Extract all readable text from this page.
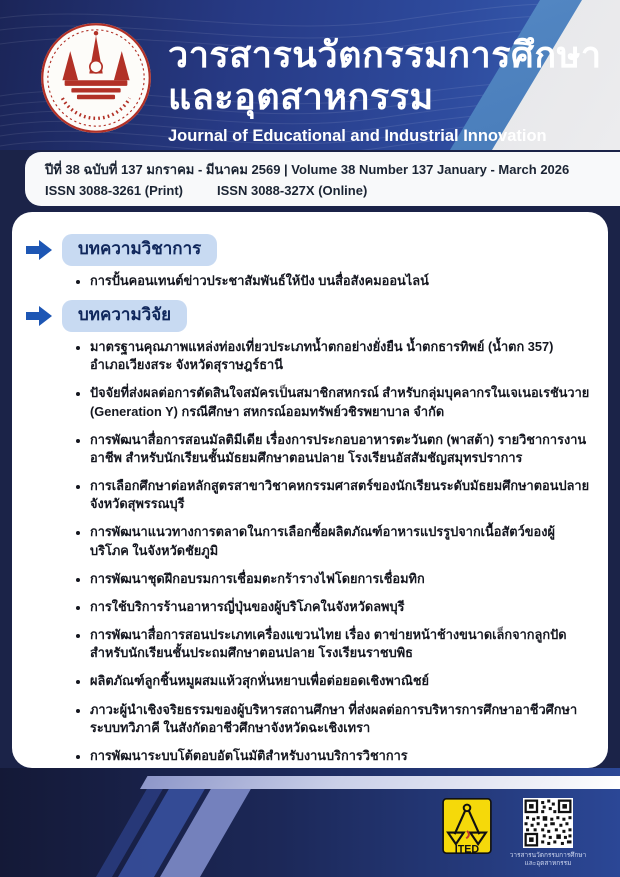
วารสารนวัตกรรมการศึกษา
และอุตสาหกรรม
Journal of Educational and Industrial Innovation
ปีที่ 38 ฉบับที่ 137 มกราคม - มีนาคม 2569 | Volume 38 Number 137 January - March 2026
ISSN 3088-3261 (Print)	ISSN 3088-327X (Online)
บทความวิชาการ
• การปั้นคอนเทนต์ข่าวประชาสัมพันธ์ให้ปัง บนสื่อสังคมออนไลน์
บทความวิจัย
• มาตรฐานคุณภาพแหล่งท่องเที่ยวประเภทน้ำตกอย่างยั่งยืน น้ำตกธารทิพย์ (น้ำตก 357) อำเภอเวียงสระ จังหวัดสุราษฎร์ธานี
• ปัจจัยที่ส่งผลต่อการตัดสินใจสมัครเป็นสมาชิกสหกรณ์ สำหรับกลุ่มบุคลากรในเจเนอเรชันวาย (Generation Y) กรณีศึกษา สหกรณ์ออมทรัพย์วชิรพยาบาล จำกัด
• การพัฒนาสื่อการสอนมัลติมีเดีย เรื่องการประกอบอาหารตะวันตก (พาสต้า) รายวิชาการงานอาชีพ สำหรับนักเรียนชั้นมัธยมศึกษาตอนปลาย โรงเรียนอัสสัมชัญสมุทรปราการ
• การเลือกศึกษาต่อหลักสูตรสาขาวิชาคหกรรมศาสตร์ของนักเรียนระดับมัธยมศึกษาตอนปลาย จังหวัดสุพรรณบุรี
• การพัฒนาแนวทางการตลาดในการเลือกซื้อผลิตภัณฑ์อาหารแปรรูปจากเนื้อสัตว์ของผู้บริโภค ในจังหวัดชัยภูมิ
• การพัฒนาชุดฝึกอบรมการเชื่อมตะกร้ารางไฟโดยการเชื่อมทิก
• การใช้บริการร้านอาหารญี่ปุ่นของผู้บริโภคในจังหวัดลพบุรี
• การพัฒนาสื่อการสอนประเภทเครื่องแขวนไทย เรื่อง ตาข่ายหน้าช้างขนาดเล็กจากลูกปัด สำหรับนักเรียนชั้นประถมศึกษาตอนปลาย โรงเรียนราชบพิธ
• ผลิตภัณฑ์ลูกชิ้นหมูผสมแห้วสุกหั่นหยาบเพื่อต่อยอดเชิงพาณิชย์
• ภาวะผู้นำเชิงจริยธรรมของผู้บริหารสถานศึกษา ที่ส่งผลต่อการบริหารการศึกษาอาชีวศึกษา ระบบทวิภาคี ในสังกัดอาชีวศึกษาจังหวัดฉะเชิงเทรา
• การพัฒนาระบบโต้ตอบอัตโนมัติสำหรับงานบริการวิชาการ
ITED
วารสารนวัตกรรมการศึกษา
และอุตสาหกรรม
